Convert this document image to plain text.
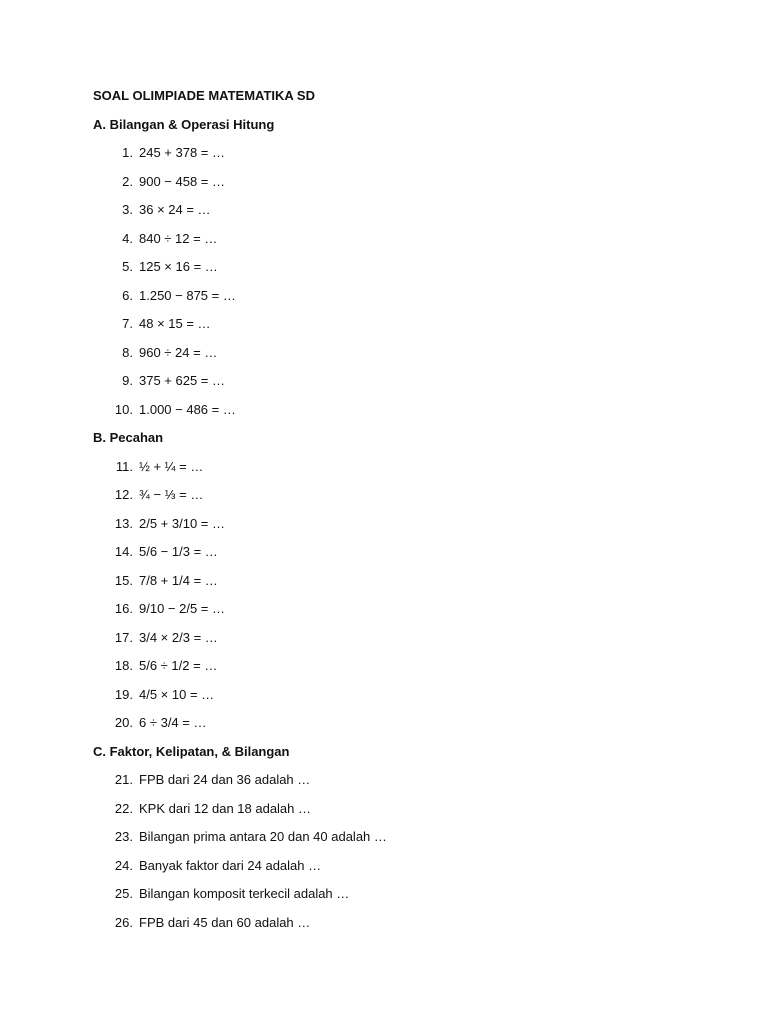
SOAL OLIMPIADE MATEMATIKA SD
A. Bilangan & Operasi Hitung
1. 245 + 378 = …
2. 900 − 458 = …
3. 36 × 24 = …
4. 840 ÷ 12 = …
5. 125 × 16 = …
6. 1.250 − 875 = …
7. 48 × 15 = …
8. 960 ÷ 24 = …
9. 375 + 625 = …
10. 1.000 − 486 = …
B. Pecahan
11. ½ + ¼ = …
12. ¾ − ⅓ = …
13. 2/5 + 3/10 = …
14. 5/6 − 1/3 = …
15. 7/8 + 1/4 = …
16. 9/10 − 2/5 = …
17. 3/4 × 2/3 = …
18. 5/6 ÷ 1/2 = …
19. 4/5 × 10 = …
20. 6 ÷ 3/4 = …
C. Faktor, Kelipatan, & Bilangan
21. FPB dari 24 dan 36 adalah …
22. KPK dari 12 dan 18 adalah …
23. Bilangan prima antara 20 dan 40 adalah …
24. Banyak faktor dari 24 adalah …
25. Bilangan komposit terkecil adalah …
26. FPB dari 45 dan 60 adalah …
